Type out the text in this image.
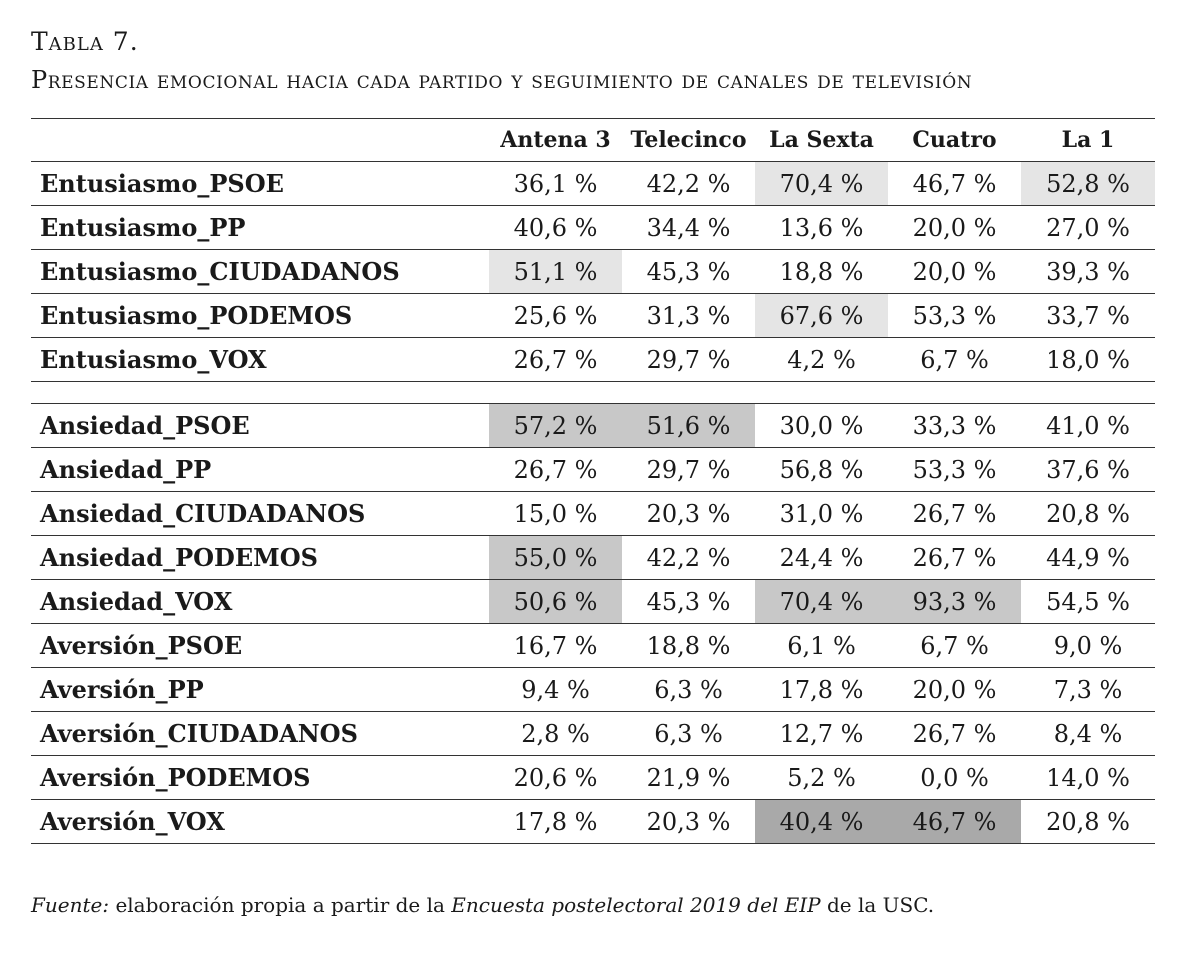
Tabla 7.
Presencia emocional hacia cada partido y seguimiento de canales de televisión
	Antena 3	Telecinco	La Sexta	Cuatro	La 1
Entusiasmo_PSOE	36,1 %	42,2 %	70,4 %	46,7 %	52,8 %
Entusiasmo_PP	40,6 %	34,4 %	13,6 %	20,0 %	27,0 %
Entusiasmo_CIUDADANOS	51,1 %	45,3 %	18,8 %	20,0 %	39,3 %
Entusiasmo_PODEMOS	25,6 %	31,3 %	67,6 %	53,3 %	33,7 %
Entusiasmo_VOX	26,7 %	29,7 %	4,2 %	6,7 %	18,0 %

Ansiedad_PSOE	57,2 %	51,6 %	30,0 %	33,3 %	41,0 %
Ansiedad_PP	26,7 %	29,7 %	56,8 %	53,3 %	37,6 %
Ansiedad_CIUDADANOS	15,0 %	20,3 %	31,0 %	26,7 %	20,8 %
Ansiedad_PODEMOS	55,0 %	42,2 %	24,4 %	26,7 %	44,9 %
Ansiedad_VOX	50,6 %	45,3 %	70,4 %	93,3 %	54,5 %
Aversión_PSOE	16,7 %	18,8 %	6,1 %	6,7 %	9,0 %
Aversión_PP	9,4 %	6,3 %	17,8 %	20,0 %	7,3 %
Aversión_CIUDADANOS	2,8 %	6,3 %	12,7 %	26,7 %	8,4 %
Aversión_PODEMOS	20,6 %	21,9 %	5,2 %	0,0 %	14,0 %
Aversión_VOX	17,8 %	20,3 %	40,4 %	46,7 %	20,8 %
Fuente: elaboración propia a partir de la Encuesta postelectoral 2019 del EIP de la USC.
